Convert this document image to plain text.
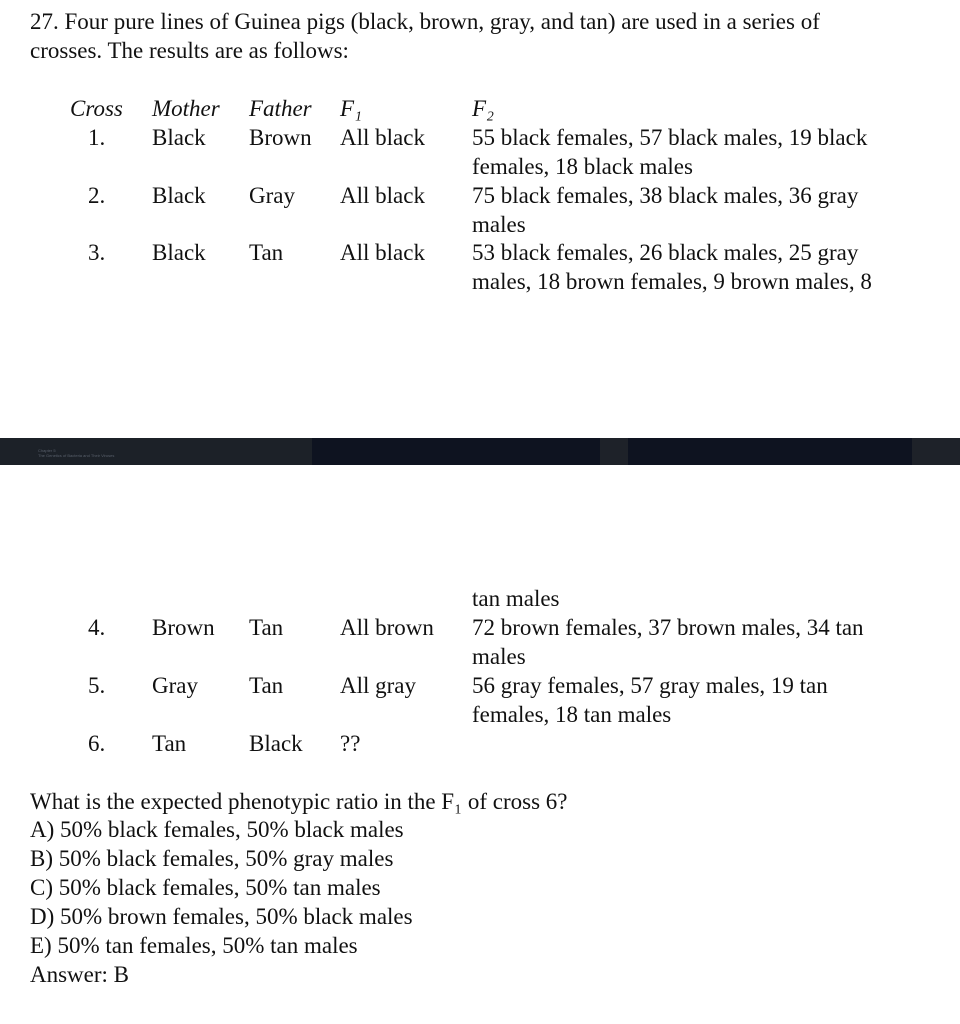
27. Four pure lines of Guinea pigs (black, brown, gray, and tan) are used in a series of
crosses. The results are as follows:
Cross Mother Father F₁	F₂
1. Black Brown All black 55 black females, 57 black males, 19 black
females, 18 black males
2. Black Gray All black 75 black females, 38 black males, 36 gray
males
3. Black Tan All black 53 black females, 26 black males, 25 gray
males, 18 brown females, 9 brown males, 8
Chapter 5
The Genetics of Bacteria and Their Viruses
tan males
4. Brown Tan All brown 72 brown females, 37 brown males, 34 tan
males
5. Gray Tan All gray 56 gray females, 57 gray males, 19 tan
females, 18 tan males
6. Tan	Black ??
What is the expected phenotypic ratio in the F₁ of cross 6?
A) 50% black females, 50% black males
B) 50% black females, 50% gray males
C) 50% black females, 50% tan males
D) 50% brown females, 50% black males
E) 50% tan females, 50% tan males
Answer: B
